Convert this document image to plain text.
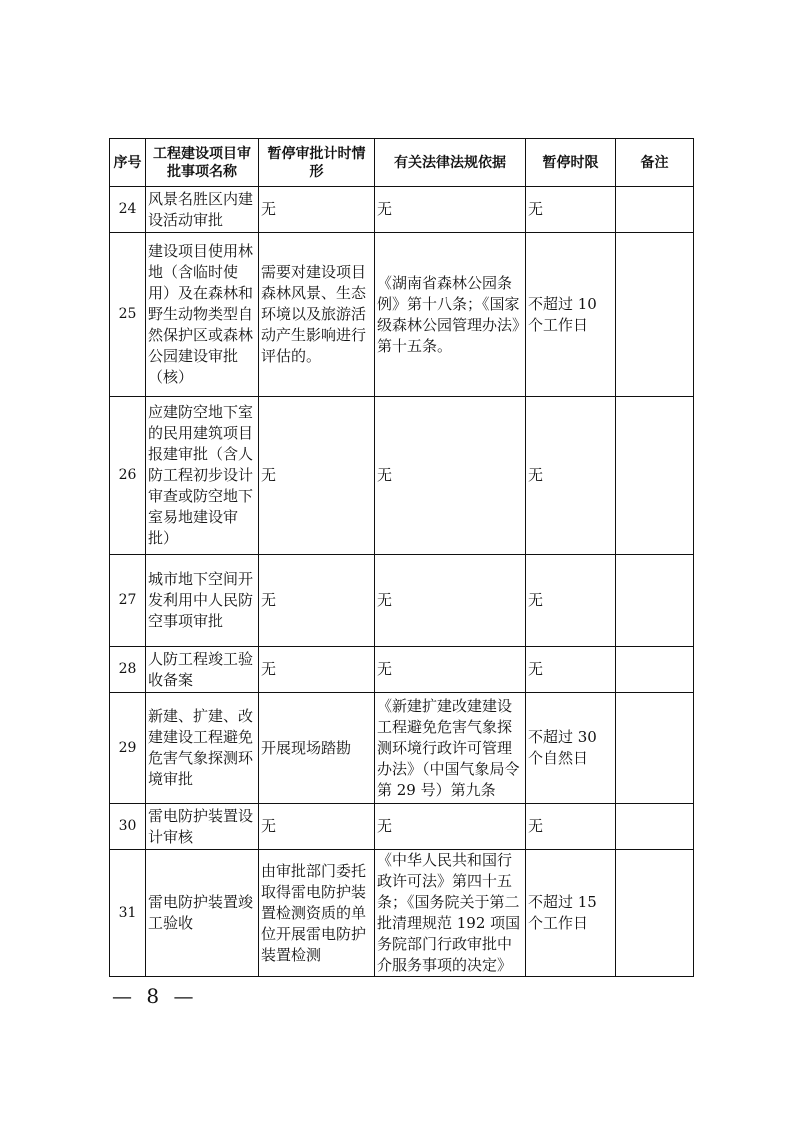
序号	工程建设项目审批事项名称	暂停审批计时情形	有关法律法规依据	暂停时限	备注
24	风景名胜区内建设活动审批	无	无	无	
25	建设项目使用林地（含临时使用）及在森林和野生动物类型自然保护区或森林公园建设审批（核）	需要对建设项目森林风景、生态环境以及旅游活动产生影响进行评估的。	《湖南省森林公园条例》第十八条；《国家级森林公园管理办法》第十五条。	不超过 10 个工作日	
26	应建防空地下室的民用建筑项目报建审批（含人防工程初步设计审查或防空地下室易地建设审批）	无	无	无	
27	城市地下空间开发利用中人民防空事项审批	无	无	无	
28	人防工程竣工验收备案	无	无	无	
29	新建、扩建、改建建设工程避免危害气象探测环境审批	开展现场踏勘	《新建扩建改建建设工程避免危害气象探测环境行政许可管理办法》（中国气象局令第 29 号）第九条	不超过 30 个自然日	
30	雷电防护装置设计审核	无	无	无	
31	雷电防护装置竣工验收	由审批部门委托取得雷电防护装置检测资质的单位开展雷电防护装置检测	《中华人民共和国行政许可法》第四十五条；《国务院关于第二批清理规范 192 项国务院部门行政审批中介服务事项的决定》	不超过 15 个工作日	
— 8 —
